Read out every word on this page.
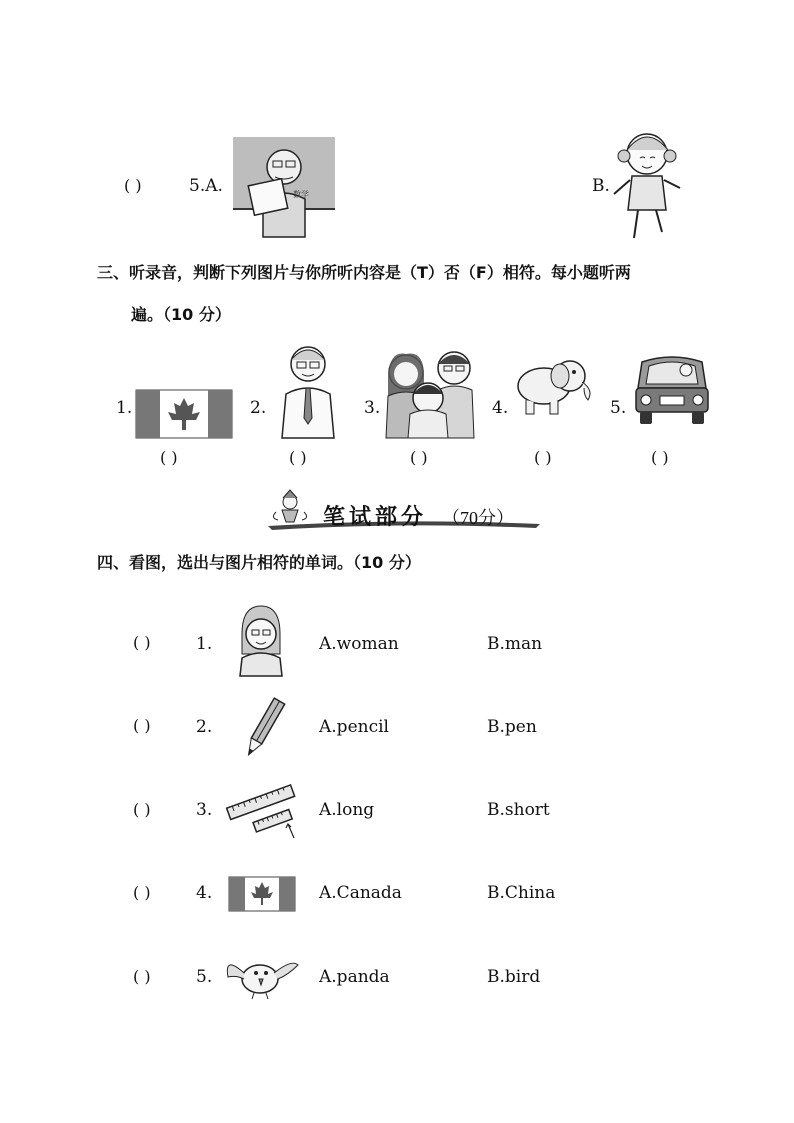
( )	5.A.	数学	B.
三、听录音，判断下列图片与你所听内容是（T）否（F）相符。每小题听两
遍。（10 分）
1.	2.	3.	4.	5.
( )	( )	( )	( )	( )
笔试部分 （70分）
四、看图，选出与图片相符的单词。（10 分）
( )	1.	A.woman	B.man
( )	2.	A.pencil	B.pen
( )	3.	A.long	B.short
( )	4.	A.Canada	B.China
( )	5.	A.panda	B.bird
